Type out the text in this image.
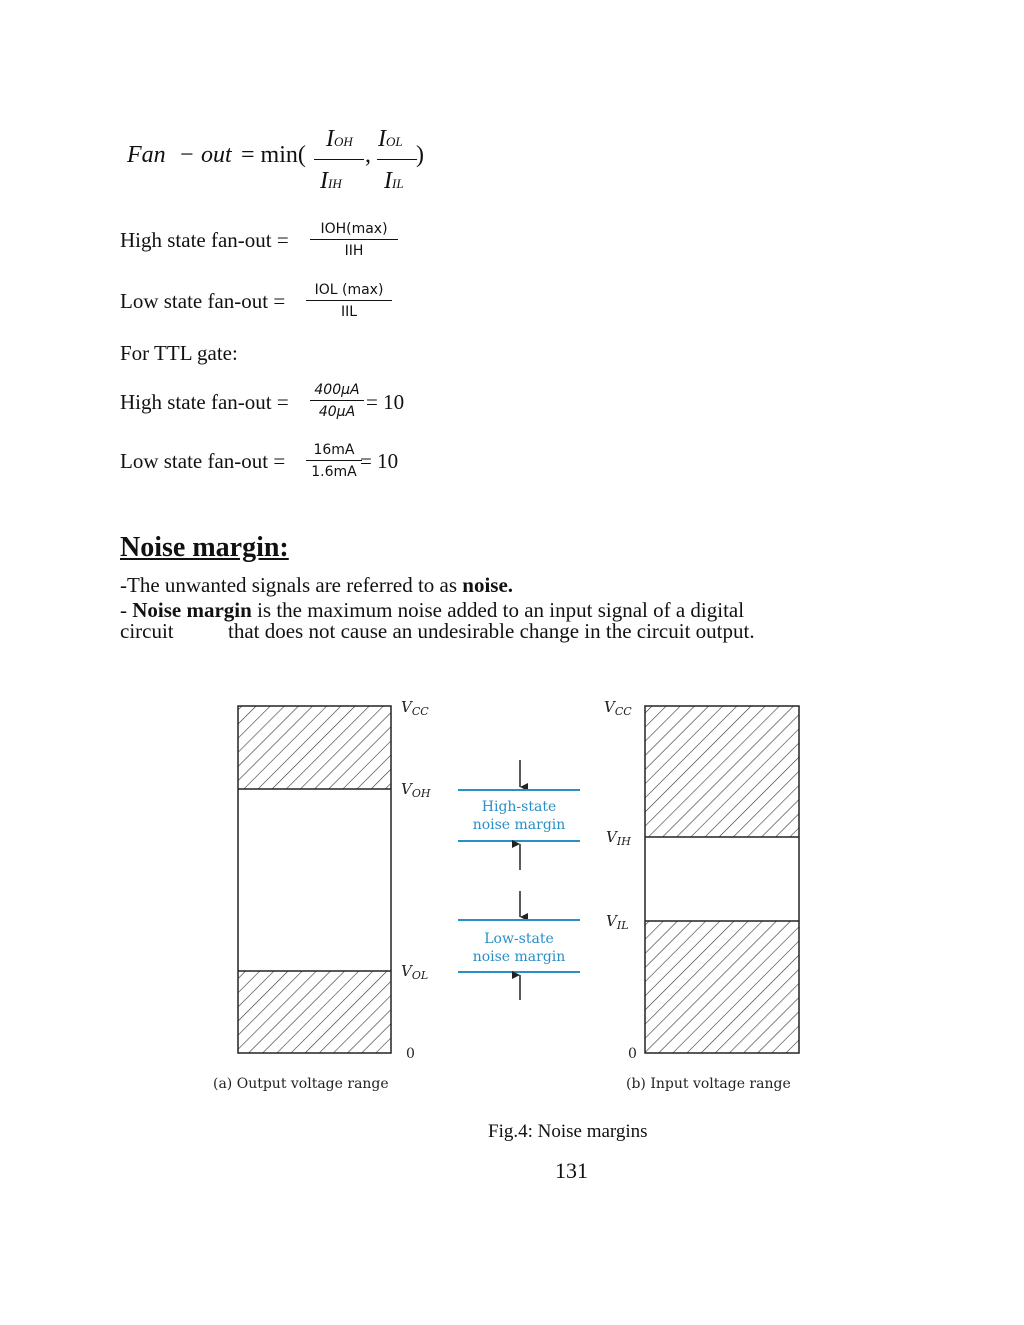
Fan − out = min(
IOH
IIH
,
IOL
IIL
)
High state fan-out =	IOH(max)
IIH
Low state fan-out =	IOL (max)
IIL
For TTL gate:
High state fan-out =	400μA
40μA = 10
Low state fan-out =	16mA
1.6mA = 10
Noise margin:
-The unwanted signals are referred to as noise.
- Noise margin is the maximum noise added to an input signal of a digital
circuit	that does not cause an undesirable change in the circuit output.
$V_{CC}$
$V_{OH}$
$V_{OL}$
0
$V_{CC}$
$V_{IH}$
$V_{IL}$
0
High-state
noise margin
Low-state
noise margin
(a) Output voltage range	(b) Input voltage range
Fig.4: Noise margins
131
